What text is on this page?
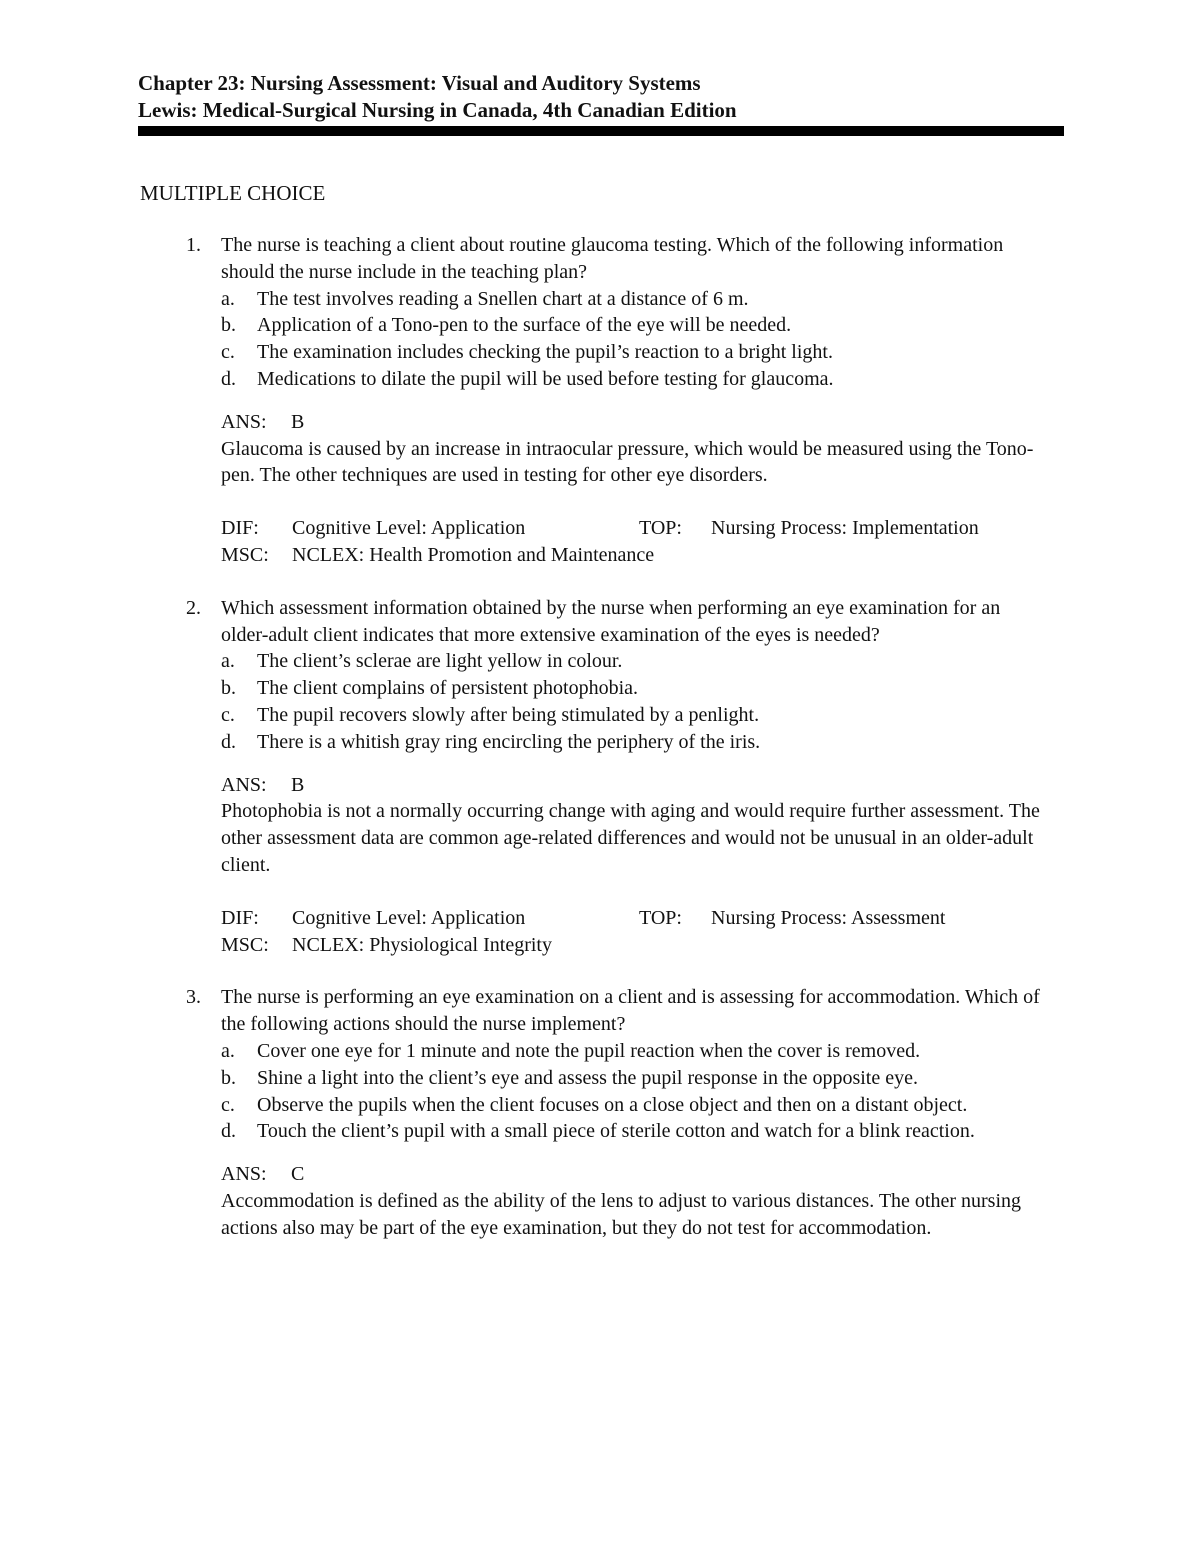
Chapter 23: Nursing Assessment: Visual and Auditory Systems
Lewis: Medical-Surgical Nursing in Canada, 4th Canadian Edition
MULTIPLE CHOICE
1. The nurse is teaching a client about routine glaucoma testing. Which of the following information should the nurse include in the teaching plan?

a. The test involves reading a Snellen chart at a distance of 6 m.
b. Application of a Tono-pen to the surface of the eye will be needed.
c. The examination includes checking the pupil’s reaction to a bright light.
d. Medications to dilate the pupil will be used before testing for glaucoma.
ANS: B

Glaucoma is caused by an increase in intraocular pressure, which would be measured using the Tono-pen. The other techniques are used in testing for other eye disorders.

DIF: Cognitive Level: Application	TOP: Nursing Process: Implementation
MSC: NCLEX: Health Promotion and Maintenance
2. Which assessment information obtained by the nurse when performing an eye examination for an older-adult client indicates that more extensive examination of the eyes is needed?

a. The client’s sclerae are light yellow in colour.
b. The client complains of persistent photophobia.
c. The pupil recovers slowly after being stimulated by a penlight.
d. There is a whitish gray ring encircling the periphery of the iris.
ANS: B

Photophobia is not a normally occurring change with aging and would require further assessment. The other assessment data are common age-related differences and would not be unusual in an older-adult client.

DIF: Cognitive Level: Application	TOP: Nursing Process: Assessment
MSC: NCLEX: Physiological Integrity
3. The nurse is performing an eye examination on a client and is assessing for accommodation. Which of the following actions should the nurse implement?

a. Cover one eye for 1 minute and note the pupil reaction when the cover is removed.
b. Shine a light into the client’s eye and assess the pupil response in the opposite eye.
c. Observe the pupils when the client focuses on a close object and then on a distant object.
d. Touch the client’s pupil with a small piece of sterile cotton and watch for a blink reaction.
ANS: C

Accommodation is defined as the ability of the lens to adjust to various distances. The other nursing actions also may be part of the eye examination, but they do not test for accommodation.
